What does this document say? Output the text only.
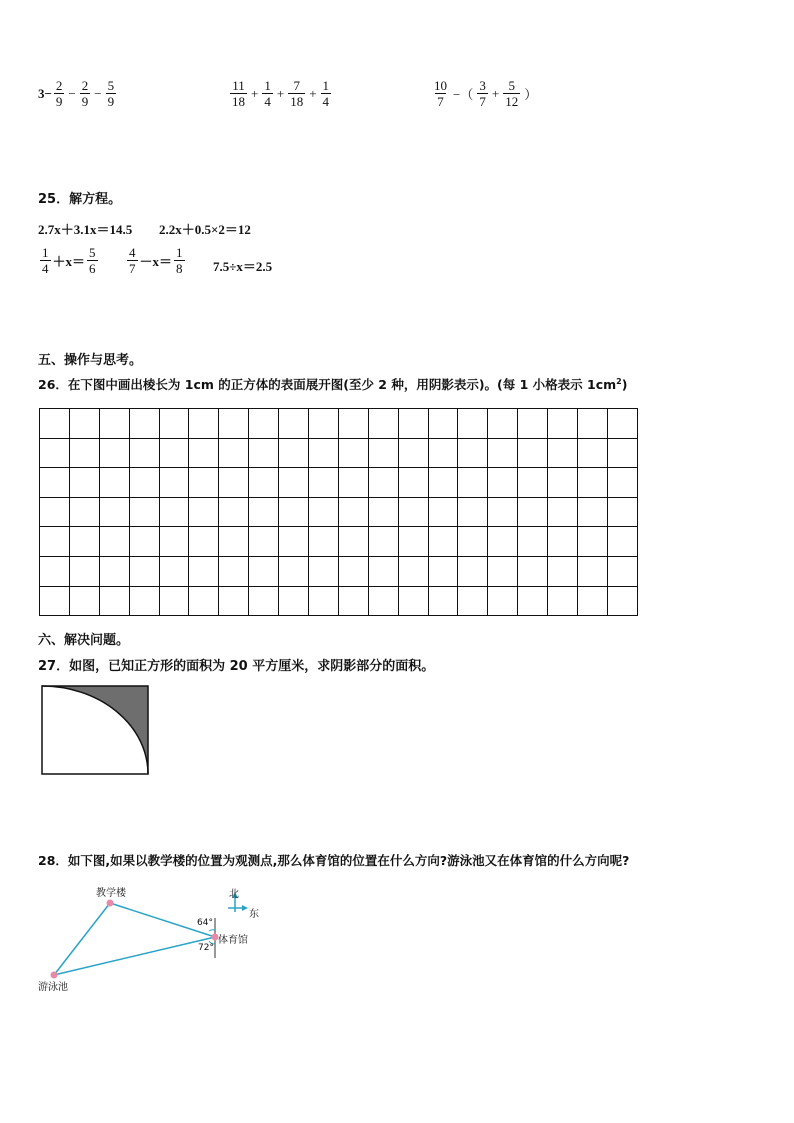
$3- \frac{2}{9} - \frac{2}{9} - \frac{5}{9}$	$\frac{11}{18} + \frac{1}{4} + \frac{7}{18} + \frac{1}{4}$	$\frac{10}{7}$ −（ $\frac{3}{7} + \frac{5}{12}$ ）
25．解方程。
2.7x＋3.1x＝14.5 2.2x＋0.5×2＝12
$\frac{1}{4} +x= \frac{5}{6} \frac{4}{7} -x= \frac{1}{8} 7.5\div x=2.5$
五、操作与思考。
26．在下图中画出棱长为 1cm 的正方体的表面展开图(至少 2 种，用阴影表示)。(每 1 小格表示 $1cm^2$)

六、解决问题。
27．如图，已知正方形的面积为 20 平方厘米，求阴影部分的面积。
28．如下图,如果以教学楼的位置为观测点,那么体育馆的位置在什么方向?游泳池又在体育馆的什么方向呢?
教学楼
体育馆
游泳池
北
东
64°
72°
